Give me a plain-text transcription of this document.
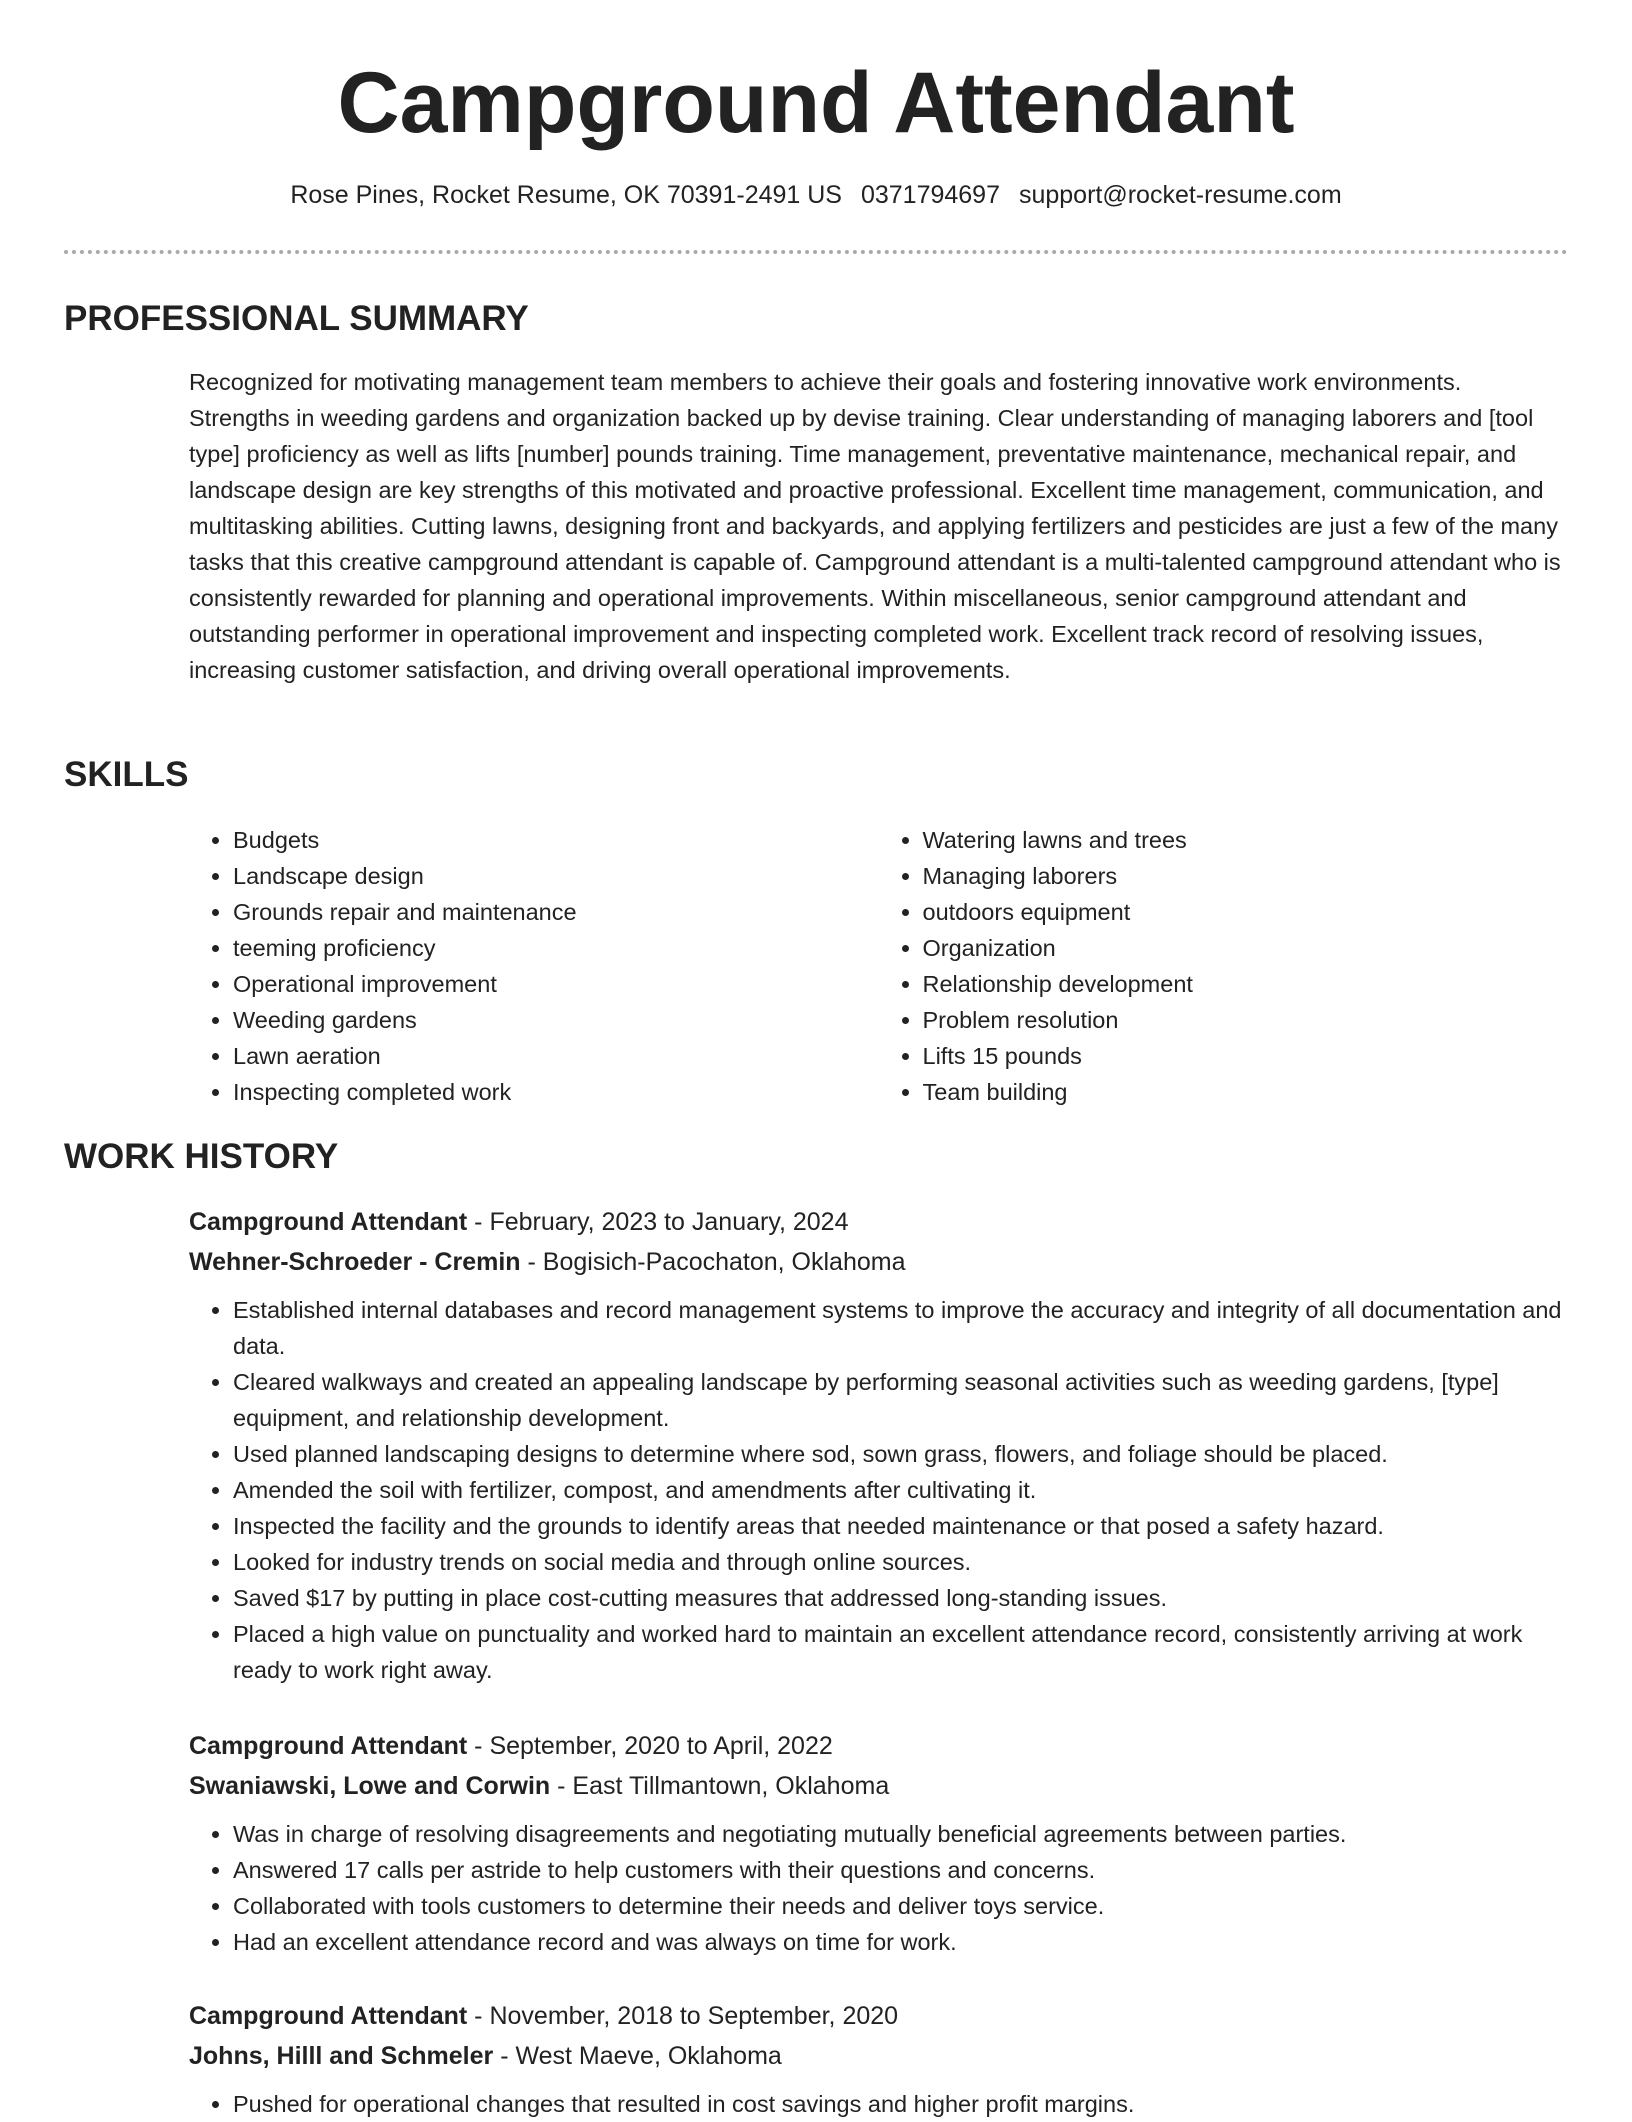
Campground Attendant
Rose Pines, Rocket Resume, OK 70391-2491 US 0371794697 support@rocket-resume.com
PROFESSIONAL SUMMARY

Recognized for motivating management team members to achieve their goals and fostering innovative work environments. Strengths in weeding gardens and organization backed up by devise training. Clear understanding of managing laborers and [tool type] proficiency as well as lifts [number] pounds training. Time management, preventative maintenance, mechanical repair, and landscape design are key strengths of this motivated and proactive professional. Excellent time management, communication, and multitasking abilities. Cutting lawns, designing front and backyards, and applying fertilizers and pesticides are just a few of the many tasks that this creative campground attendant is capable of. Campground attendant is a multi-talented campground attendant who is consistently rewarded for planning and operational improvements. Within miscellaneous, senior campground attendant and outstanding performer in operational improvement and inspecting completed work. Excellent track record of resolving issues, increasing customer satisfaction, and driving overall operational improvements.

SKILLS
• Budgets
• Landscape design
• Grounds repair and maintenance
• teeming proficiency
• Operational improvement
• Weeding gardens
• Lawn aeration
• Inspecting completed work
• Watering lawns and trees
• Managing laborers
• outdoors equipment
• Organization
• Relationship development
• Problem resolution
• Lifts 15 pounds
• Team building
WORK HISTORY

Campground Attendant - February, 2023 to January, 2024

Wehner-Schroeder - Cremin - Bogisich-Pacochaton, Oklahoma

• Established internal databases and record management systems to improve the accuracy and integrity of all documentation and data.
• Cleared walkways and created an appealing landscape by performing seasonal activities such as weeding gardens, [type] equipment, and relationship development.
• Used planned landscaping designs to determine where sod, sown grass, flowers, and foliage should be placed.
• Amended the soil with fertilizer, compost, and amendments after cultivating it.
• Inspected the facility and the grounds to identify areas that needed maintenance or that posed a safety hazard.
• Looked for industry trends on social media and through online sources.
• Saved $17 by putting in place cost-cutting measures that addressed long-standing issues.
• Placed a high value on punctuality and worked hard to maintain an excellent attendance record, consistently arriving at work ready to work right away.

Campground Attendant - September, 2020 to April, 2022

Swaniawski, Lowe and Corwin - East Tillmantown, Oklahoma

• Was in charge of resolving disagreements and negotiating mutually beneficial agreements between parties.
• Answered 17 calls per astride to help customers with their questions and concerns.
• Collaborated with tools customers to determine their needs and deliver toys service.
• Had an excellent attendance record and was always on time for work.

Campground Attendant - November, 2018 to September, 2020

Johns, Hilll and Schmeler - West Maeve, Oklahoma

• Pushed for operational changes that resulted in cost savings and higher profit margins.
